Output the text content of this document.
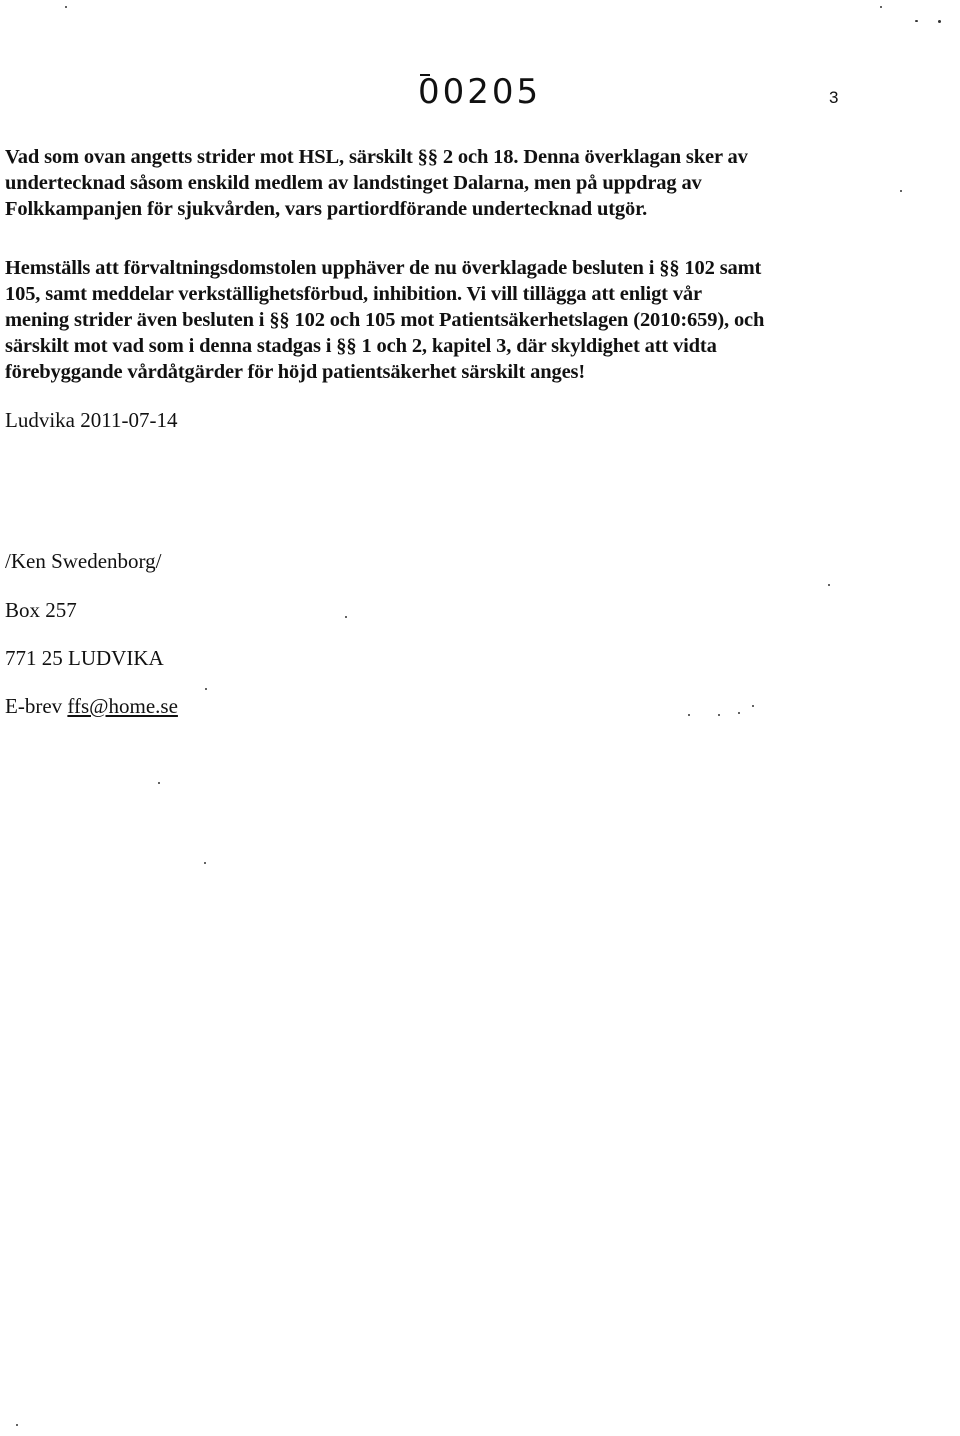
00205	3
Vad som ovan angetts strider mot HSL, särskilt §§ 2 och 18. Denna överklagan sker av
undertecknad såsom enskild medlem av landstinget Dalarna, men på uppdrag av
Folkkampanjen för sjukvården, vars partiordförande undertecknad utgör.
Hemställs att förvaltningsdomstolen upphäver de nu överklagade besluten i §§ 102 samt
105, samt meddelar verkställighetsförbud, inhibition. Vi vill tillägga att enligt vår
mening strider även besluten i §§ 102 och 105 mot Patientsäkerhetslagen (2010:659), och
särskilt mot vad som i denna stadgas i §§ 1 och 2, kapitel 3, där skyldighet att vidta
förebyggande vårdåtgärder för höjd patientsäkerhet särskilt anges!
Ludvika 2011-07-14
/Ken Swedenborg/
Box 257
771 25 LUDVIKA
E-brev ffs@home.se
